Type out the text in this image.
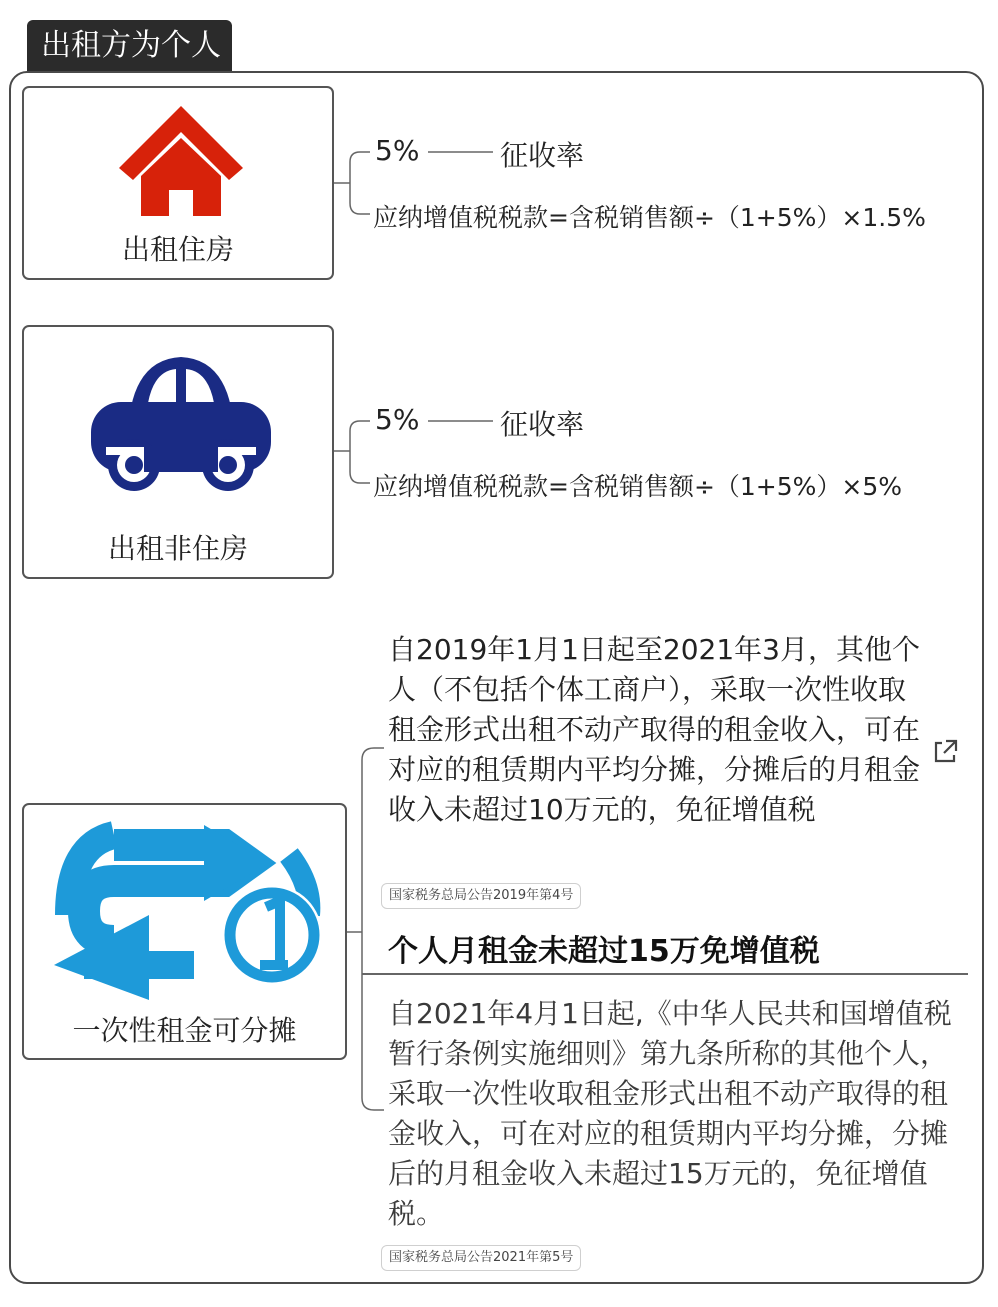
出租方为个人
出租住房
5%	征收率
应纳增值税税款=含税销售额÷（1+5%）×1.5%
出租非住房
5%	征收率
应纳增值税税款=含税销售额÷（1+5%）×5%
一次性租金可分摊
自2019年1月1日起至2021年3月，其他个人（不包括个体工商户），采取一次性收取租金形式出租不动产取得的租金收入，可在对应的租赁期内平均分摊，分摊后的月租金收入未超过10万元的，免征增值税
国家税务总局公告2019年第4号
个人月租金未超过15万免增值税
自2021年4月1日起,《中华人民共和国增值税暂行条例实施细则》第九条所称的其他个人，采取一次性收取租金形式出租不动产取得的租金收入，可在对应的租赁期内平均分摊，分摊后的月租金收入未超过15万元的，免征增值税。
国家税务总局公告2021年第5号
